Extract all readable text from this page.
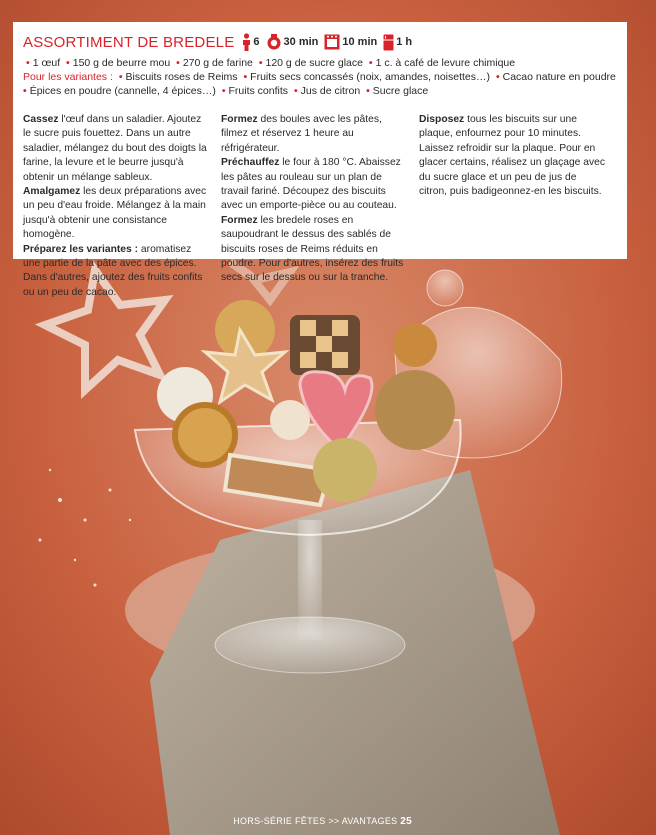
ASSORTIMENT DE BREDELE 6 30 min 10 min 1 h
• 1 œuf • 150 g de beurre mou • 270 g de farine • 120 g de sucre glace • 1 c. à café de levure chimique
Pour les variantes : • Biscuits roses de Reims • Fruits secs concassés (noix, amandes, noisettes…) • Cacao nature en poudre
• Épices en poudre (cannelle, 4 épices…) • Fruits confits • Jus de citron • Sucre glace
Cassez l'œuf dans un saladier. Ajoutez le sucre puis fouettez. Dans un autre saladier, mélangez du bout des doigts la farine, la levure et le beurre jusqu'à obtenir un mélange sableux.
Amalgamez les deux préparations avec un peu d'eau froide. Mélangez à la main jusqu'à obtenir une consistance homogène.
Préparez les variantes : aromatisez une partie de la pâte avec des épices. Dans d'autres, ajoutez des fruits confits ou un peu de cacao.
Formez des boules avec les pâtes, filmez et réservez 1 heure au réfrigérateur.
Préchauffez le four à 180 °C. Abaissez les pâtes au rouleau sur un plan de travail fariné. Découpez des biscuits avec un emporte-pièce ou au couteau.
Formez les bredele roses en saupoudrant le dessus des sablés de biscuits roses de Reims réduits en poudre. Pour d'autres, insérez des fruits secs sur le dessus ou sur la tranche.
Disposez tous les biscuits sur une plaque, enfournez pour 10 minutes. Laissez refroidir sur la plaque. Pour en glacer certains, réalisez un glaçage avec du sucre glace et un peu de jus de citron, puis badigeonnez-en les biscuits.
HORS-SÉRIE FÊTES >> AVANTAGES 25
